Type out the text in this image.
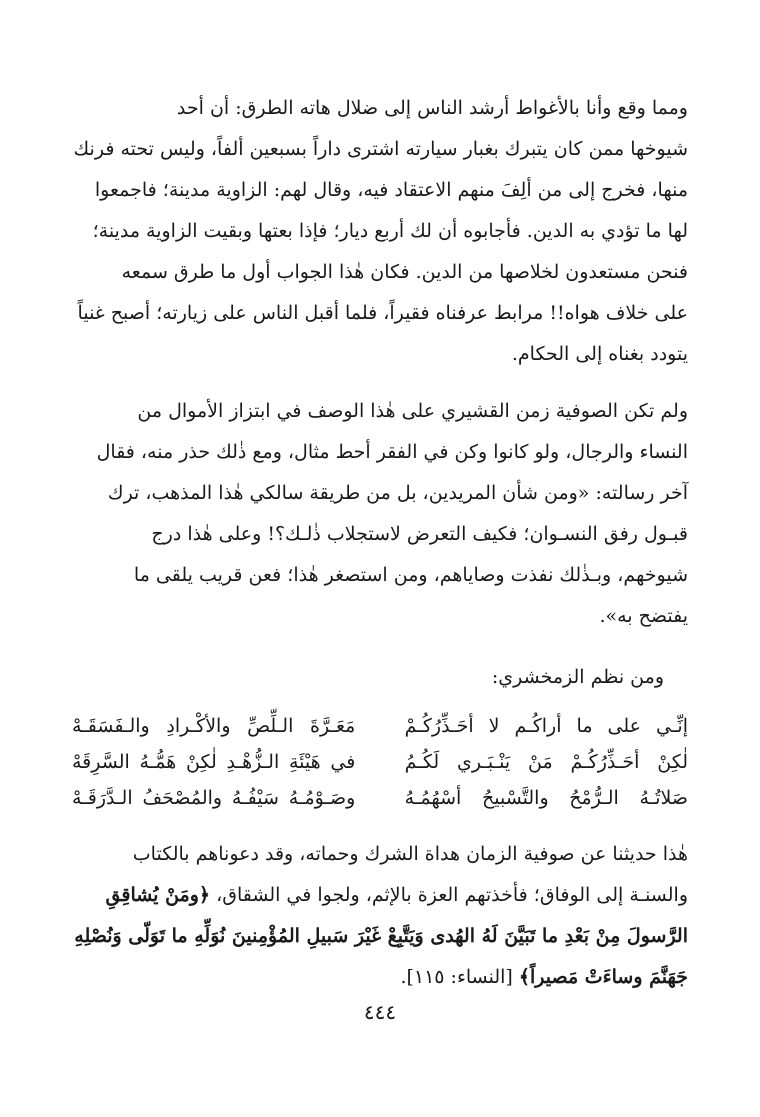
ومما وقع وأنا بالأغواط أرشد الناس إلى ضلال هاته الطرق: أن أحد
شيوخها ممن كان يتبرك بغبار سيارته اشترى داراً بسبعين ألفاً، وليس تحته فرنك
منها، فخرج إلى من ألِفَ منهم الاعتقاد فيه، وقال لهم: الزاوية مدينة؛ فاجمعوا
لها ما تؤدي به الدين. فأجابوه أن لك أربع ديار؛ فإذا بعتها وبقيت الزاوية مدينة؛
فنحن مستعدون لخلاصها من الدين. فكان هٰذا الجواب أول ما طرق سمعه
على خلاف هواه!! مرابط عرفناه فقيراً، فلما أقبل الناس على زيارته؛ أصبح غنياً
يتودد بغناه إلى الحكام.

ولم تكن الصوفية زمن القشيري على هٰذا الوصف في ابتزاز الأموال من
النساء والرجال، ولو كانوا وكن في الفقر أحط مثال، ومع ذٰلك حذر منه، فقال
آخر رسالته: «ومن شأن المريدين، بل من طريقة سالكي هٰذا المذهب، ترك
قبـول رفق النسـوان؛ فكيف التعرض لاستجلاب ذٰلـك؟! وعلى هٰذا درج
شيوخهم، وبـذٰلك نفذت وصاياهم، ومن استصغر هٰذا؛ فعن قريب يلقى ما
يفتضح به».

ومن نظم الزمخشري:

إنِّـي على ما أراكُـم لا أحَـذِّرُكُـمْ
مَعَـرَّةَ الـلِّصِّ والأكْـرادِ والـفَسَقَـهْ
لٰكِنْ أحَـذِّرُكُـمْ مَنْ يَنْـبَـري لَكُـمُ
في هَيْئَةِ الـزُّهْـدِ لٰكِنْ هَمُّـهُ السَّرِقَهْ
صَلاتُـهُ الـرُّمْحُ والتَّسْبيحُ أسْهُمُـهُ
وصَـوْمُـهُ سَيْفُـهُ والمُصْحَفُ الـدَّرَقَـهْ

هٰذا حديثنا عن صوفية الزمان هداة الشرك وحماته، وقد دعوناهم بالكتاب
والسنـة إلى الوفاق؛ فأخذتهم العزة بالإثم، ولجوا في الشقاق، ﴿ومَنْ يُشاقِقِ
الرَّسولَ مِنْ بَعْدِ ما تَبَيَّنَ لَهُ الهُدى وَيَتَّبِعْ غَيْرَ سَبيلِ المُؤْمِنينَ نُوَلِّهِ ما تَوَلّى وَنُصْلِهِ
جَهَنَّمَ وساءَتْ مَصيراً﴾ [النساء: ١١٥].

٤٤٤
